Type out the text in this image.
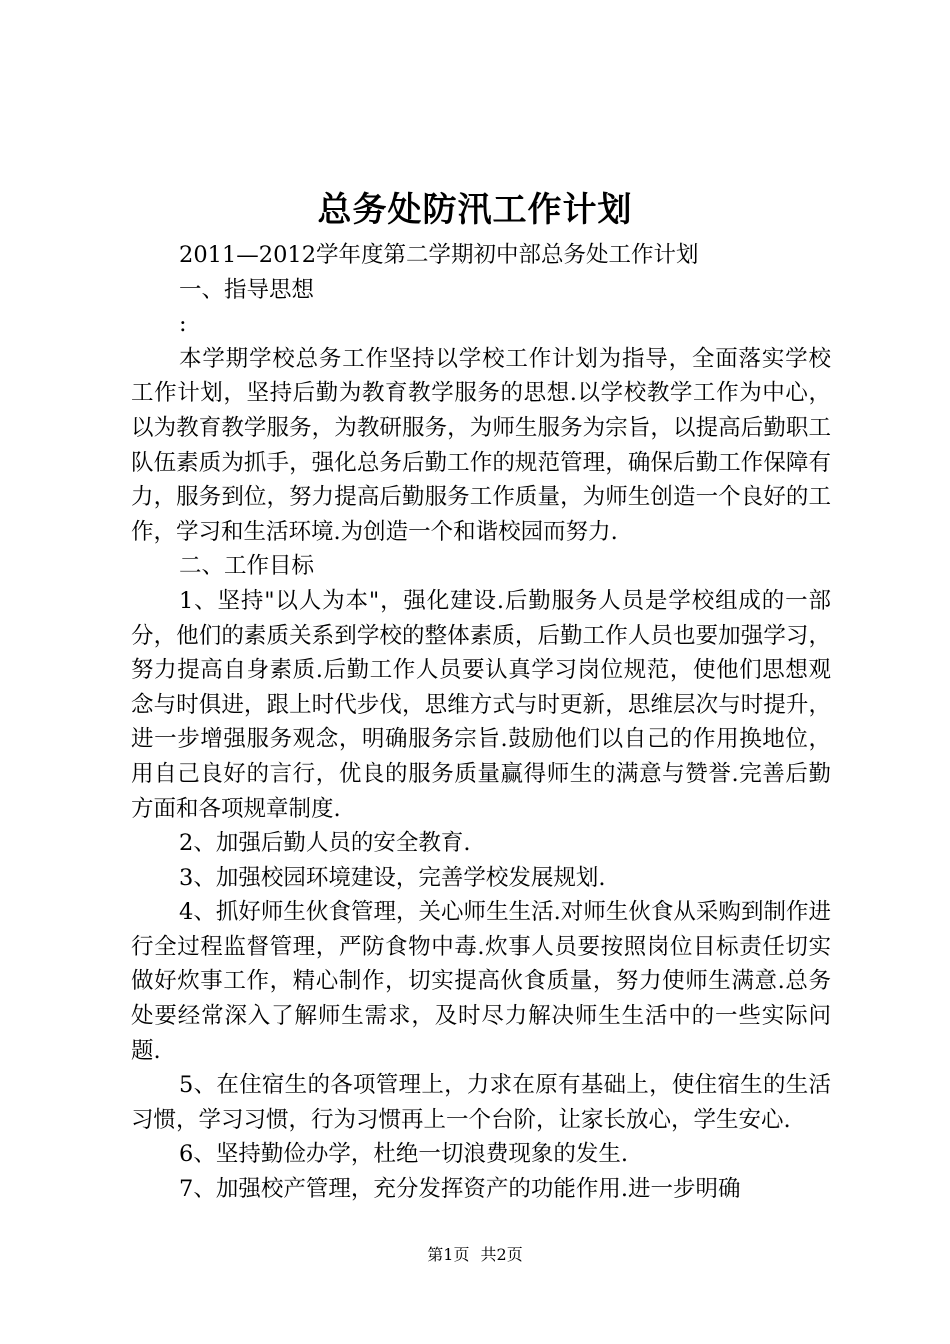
总务处防汛工作计划

2011—2012学年度第二学期初中部总务处工作计划

一、指导思想

:

本学期学校总务工作坚持以学校工作计划为指导，全面落实学校工作计划，坚持后勤为教育教学服务的思想.以学校教学工作为中心，以为教育教学服务，为教研服务，为师生服务为宗旨，以提高后勤职工队伍素质为抓手，强化总务后勤工作的规范管理，确保后勤工作保障有力，服务到位，努力提高后勤服务工作质量，为师生创造一个良好的工作，学习和生活环境.为创造一个和谐校园而努力.

二、工作目标

1、坚持"以人为本"，强化建设.后勤服务人员是学校组成的一部分，他们的素质关系到学校的整体素质，后勤工作人员也要加强学习，努力提高自身素质.后勤工作人员要认真学习岗位规范，使他们思想观念与时俱进，跟上时代步伐，思维方式与时更新，思维层次与时提升，进一步增强服务观念，明确服务宗旨.鼓励他们以自己的作用换地位，用自己良好的言行，优良的服务质量赢得师生的满意与赞誉.完善后勤方面和各项规章制度.

2、加强后勤人员的安全教育.

3、加强校园环境建设，完善学校发展规划.

4、抓好师生伙食管理，关心师生生活.对师生伙食从采购到制作进行全过程监督管理，严防食物中毒.炊事人员要按照岗位目标责任切实做好炊事工作，精心制作，切实提高伙食质量，努力使师生满意.总务处要经常深入了解师生需求，及时尽力解决师生生活中的一些实际问题.

5、在住宿生的各项管理上，力求在原有基础上，使住宿生的生活习惯，学习习惯，行为习惯再上一个台阶，让家长放心，学生安心.

6、坚持勤俭办学，杜绝一切浪费现象的发生.

7、加强校产管理，充分发挥资产的功能作用.进一步明确

第1页 共2页
